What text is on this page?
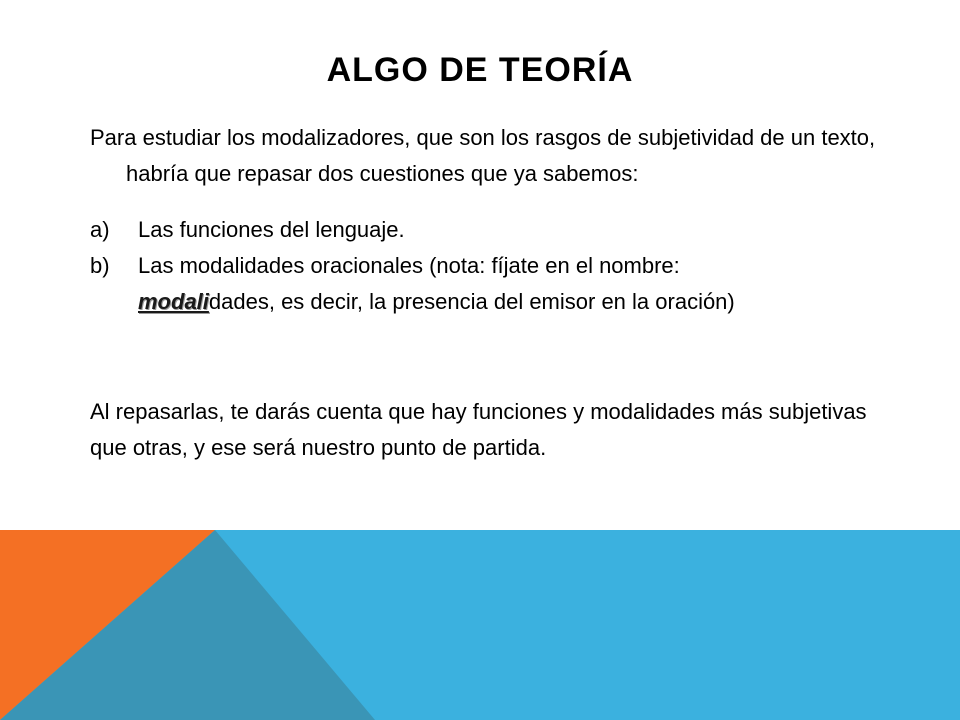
ALGO DE TEORÍA
Para estudiar los modalizadores, que son los rasgos de subjetividad de un texto, habría que repasar dos cuestiones que ya sabemos:
a)	Las funciones del lenguaje.
b)	Las modalidades oracionales (nota: fíjate en el nombre:
modalidades, es decir, la presencia del emisor en la oración)
Al repasarlas, te darás cuenta que hay funciones y modalidades más subjetivas que otras, y ese será nuestro punto de partida.
